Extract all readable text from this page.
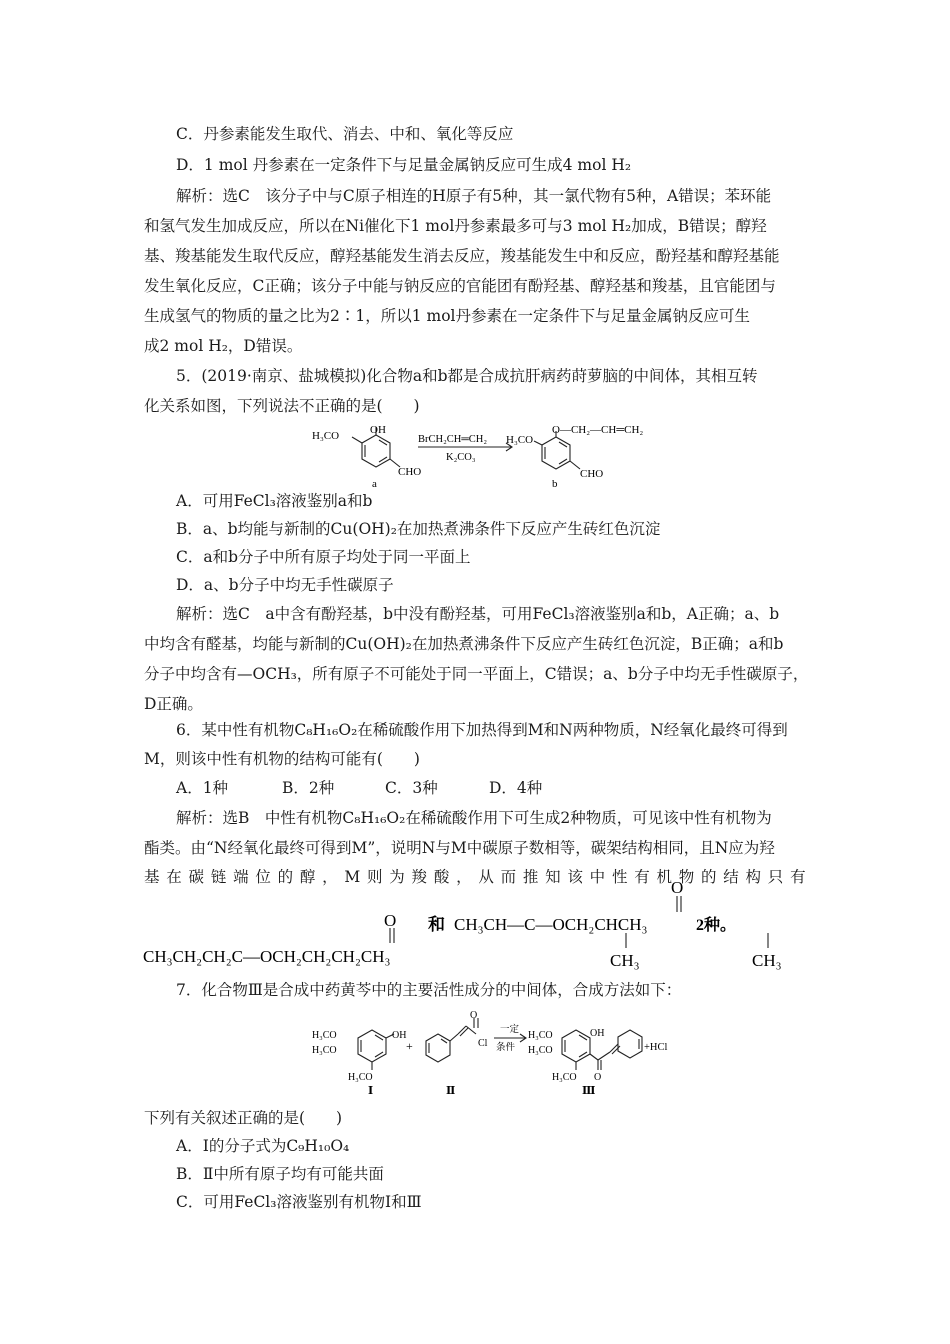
C．丹参素能发生取代、消去、中和、氧化等反应
D．1 mol 丹参素在一定条件下与足量金属钠反应可生成4 mol H₂
解析：选C　该分子中与C原子相连的H原子有5种，其一氯代物有5种，A错误；苯环能
和氢气发生加成反应，所以在Ni催化下1 mol丹参素最多可与3 mol H₂加成，B错误；醇羟
基、羧基能发生取代反应，醇羟基能发生消去反应，羧基能发生中和反应，酚羟基和醇羟基能
发生氧化反应，C正确；该分子中能与钠反应的官能团有酚羟基、醇羟基和羧基，且官能团与
生成氢气的物质的量之比为2∶1，所以1 mol丹参素在一定条件下与足量金属钠反应可生
成2 mol H₂，D错误。
5．(2019·南京、盐城模拟)化合物a和b都是合成抗肝病药莳萝脑的中间体，其相互转
化关系如图，下列说法不正确的是(　　)
OH
H₃CO
CHO
a
BrCH₂CH═CH₂
K₂CO₃
O—CH₂—CH═CH₂
H₃CO
CHO
b
A．可用FeCl₃溶液鉴别a和b
B．a、b均能与新制的Cu(OH)₂在加热煮沸条件下反应产生砖红色沉淀
C．a和b分子中所有原子均处于同一平面上
D．a、b分子中均无手性碳原子
解析：选C　a中含有酚羟基，b中没有酚羟基，可用FeCl₃溶液鉴别a和b，A正确；a、b
中均含有醛基，均能与新制的Cu(OH)₂在加热煮沸条件下反应产生砖红色沉淀，B正确；a和b
分子中均含有—OCH₃，所有原子不可能处于同一平面上，C错误；a、b分子中均无手性碳原子，
D正确。
6．某中性有机物C₈H₁₆O₂在稀硫酸作用下加热得到M和N两种物质，N经氧化最终可得到
M，则该中性有机物的结构可能有(　　)
A．1种	B．2种	C．3种	D．4种
解析：选B　中性有机物C₈H₁₆O₂在稀硫酸作用下可生成2种物质，可见该中性有机物为
酯类。由“N经氧化最终可得到M”，说明N与M中碳原子数相等，碳架结构相同，且N应为羟
基 在 碳 链 端 位 的 醇 ， M 则 为 羧 酸 ， 从 而 推 知 该 中 性 有 机 物 的 结 构 只 有
O
CH₃CH₂CH₂C—OCH₂CH₂CH₂CH₃
和
O
CH₃CH—C—OCH₂CHCH₃
CH₃	CH₃
2种。
7．化合物Ⅲ是合成中药黄芩中的主要活性成分的中间体，合成方法如下：
H₃CO
H₃CO
OH
H₃CO
+
O
Cl
一定
条件
H₃CO
H₃CO
OH
O
H₃CO
+HCl
Ⅰ	Ⅱ	Ⅲ
下列有关叙述正确的是(　　)
A．Ⅰ的分子式为C₉H₁₀O₄
B．Ⅱ中所有原子均有可能共面
C．可用FeCl₃溶液鉴别有机物Ⅰ和Ⅲ
